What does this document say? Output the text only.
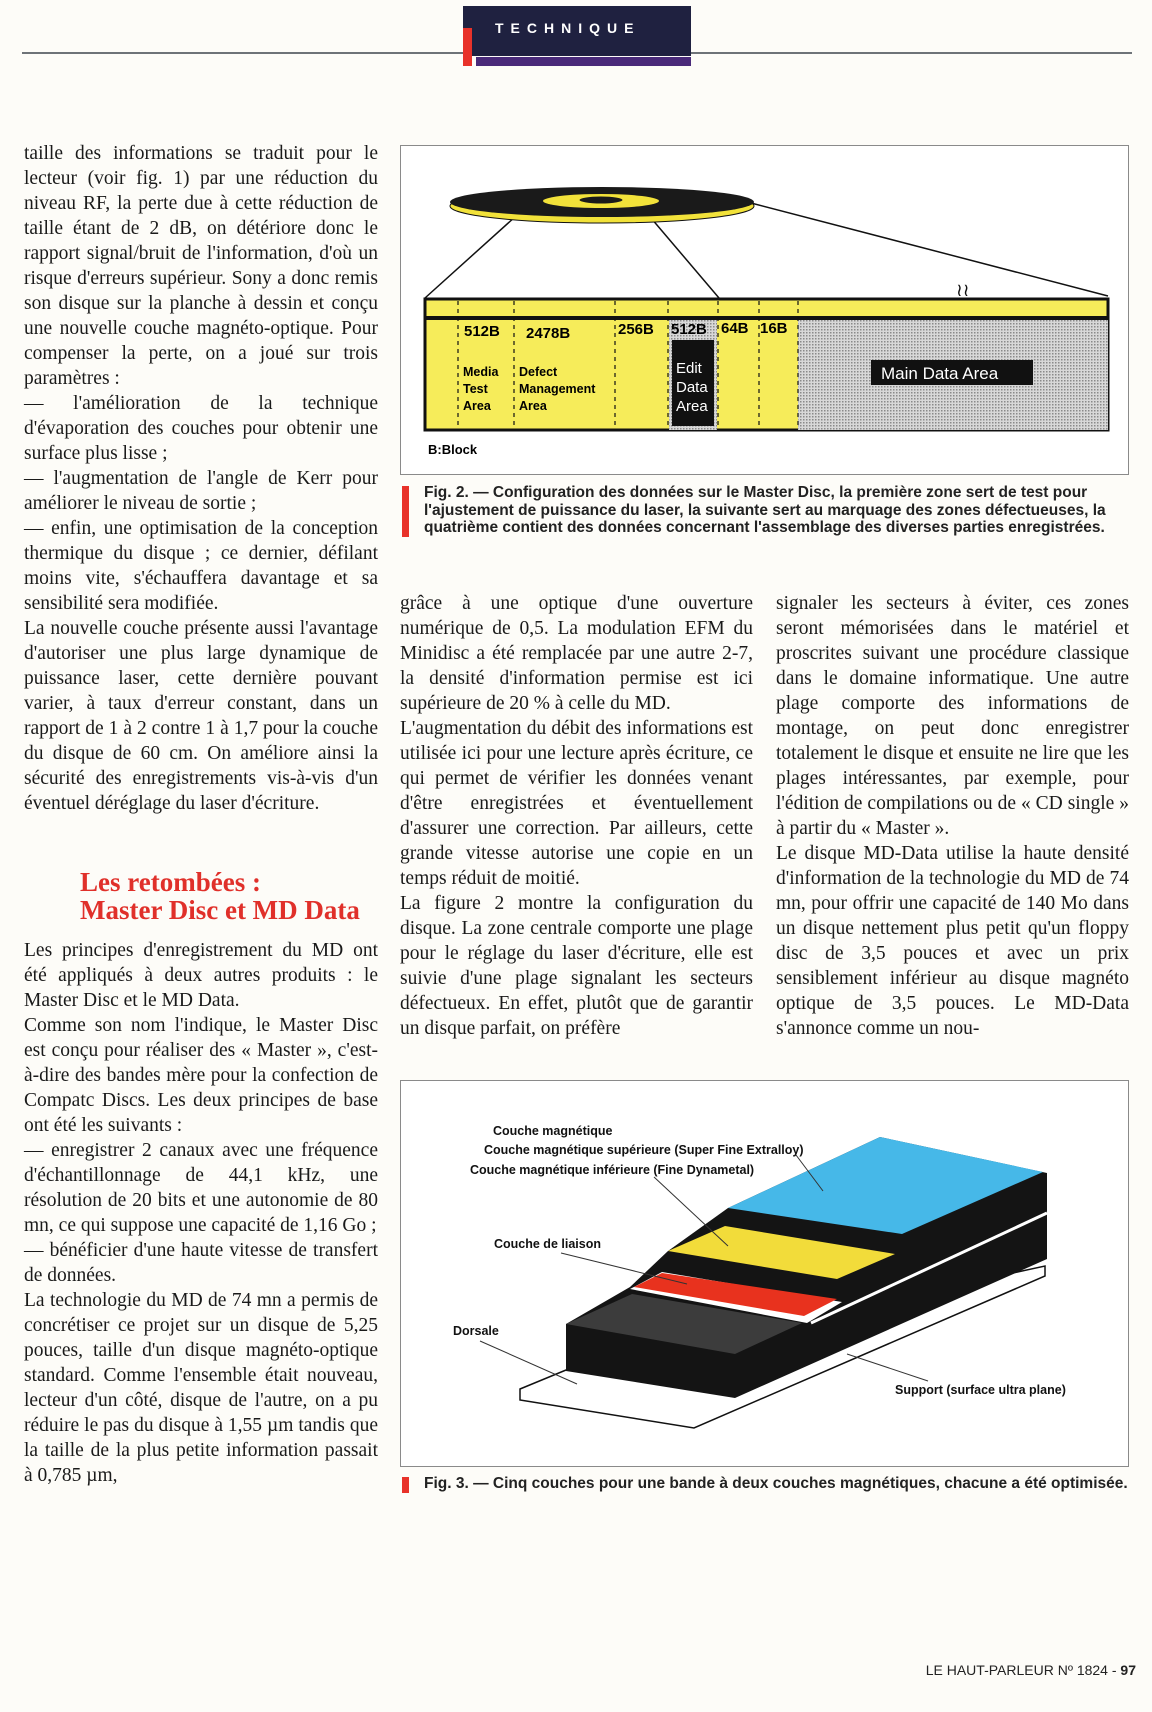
TECHNIQUE

taille des informations se traduit pour le lecteur (voir fig. 1) par une réduction du niveau RF, la perte due à cette réduction de taille étant de 2 dB, on détériore donc le rapport signal/bruit de l'information, d'où un risque d'erreurs supérieur. Sony a donc remis son disque sur la planche à dessin et conçu une nouvelle couche magnéto-optique. Pour compenser la perte, on a joué sur trois paramètres :

— l'amélioration de la technique d'évaporation des couches pour obtenir une surface plus lisse ;

— l'augmentation de l'angle de Kerr pour améliorer le niveau de sortie ;

— enfin, une optimisation de la conception thermique du disque ; ce dernier, défilant moins vite, s'échauffera davantage et sa sensibilité sera modifiée.

La nouvelle couche présente aussi l'avantage d'autoriser une plus large dynamique de puissance laser, cette dernière pouvant varier, à taux d'erreur constant, dans un rapport de 1 à 2 contre 1 à 1,7 pour la couche du disque de 60 cm. On améliore ainsi la sécurité des enregistrements vis-à-vis d'un éventuel déréglage du laser d'écriture.

Les retombées :
Master Disc et MD Data

Les principes d'enregistrement du MD ont été appliqués à deux autres produits : le Master Disc et le MD Data.

Comme son nom l'indique, le Master Disc est conçu pour réaliser des « Master », c'est-à-dire des bandes mère pour la confection de Compatc Discs. Les deux principes de base ont été les suivants :

— enregistrer 2 canaux avec une fréquence d'échantillonnage de 44,1 kHz, une résolution de 20 bits et une autonomie de 80 mn, ce qui suppose une capacité de 1,16 Go ;

— bénéficier d'une haute vitesse de transfert de données.

La technologie du MD de 74 mn a permis de concrétiser ce projet sur un disque de 5,25 pouces, taille d'un disque magnéto-optique standard. Comme l'ensemble était nouveau, lecteur d'un côté, disque de l'autre, on a pu réduire le pas du disque à 1,55 µm tandis que la taille de la plus petite information passait à 0,785 µm,

grâce à une optique d'une ouverture numérique de 0,5. La modulation EFM du Minidisc a été remplacée par une autre 2-7, la densité d'information permise est ici supérieure de 20 % à celle du MD.

L'augmentation du débit des informations est utilisée ici pour une lecture après écriture, ce qui permet de vérifier les données venant d'être enregistrées et éventuellement d'assurer une correction. Par ailleurs, cette grande vitesse autorise une copie en un temps réduit de moitié.

La figure 2 montre la configuration du disque. La zone centrale comporte une plage pour le réglage du laser d'écriture, elle est suivie d'une plage signalant les secteurs défectueux. En effet, plutôt que de garantir un disque parfait, on préfère

signaler les secteurs à éviter, ces zones seront mémorisées dans le matériel et proscrites suivant une procédure classique dans le domaine informatique. Une autre plage comporte des informations de montage, on peut donc enregistrer totalement le disque et ensuite ne lire que les plages intéressantes, par exemple, pour l'édition de compilations ou de « CD single » à partir du « Master ».

Le disque MD-Data utilise la haute densité d'information de la technologie du MD de 74 mn, pour offrir une capacité de 140 Mo dans un disque nettement plus petit qu'un floppy disc de 3,5 pouces et avec un prix sensiblement inférieur au disque magnéto optique de 3,5 pouces. Le MD-Data s'annonce comme un nou-

≀≀
512B 2478B	256B 512B 64B 16B
Media
Test
Area
Defect
Management
Area
Edit
Data
Area
Main Data Area
B:Block
Fig. 2. — Configuration des données sur le Master Disc, la première zone sert de test pour l'ajustement de puissance du laser, la suivante sert au marquage des zones défectueuses, la quatrième contient des données concernant l'assemblage des diverses parties enregistrées.
Couche magnétique
Couche magnétique supérieure (Super Fine Extralloy)
Couche magnétique inférieure (Fine Dynametal)
Couche de liaison
Dorsale
Support (surface ultra plane)
Fig. 3. — Cinq couches pour une bande à deux couches magnétiques, chacune a été optimisée.
LE HAUT-PARLEUR Nº 1824 - 97
